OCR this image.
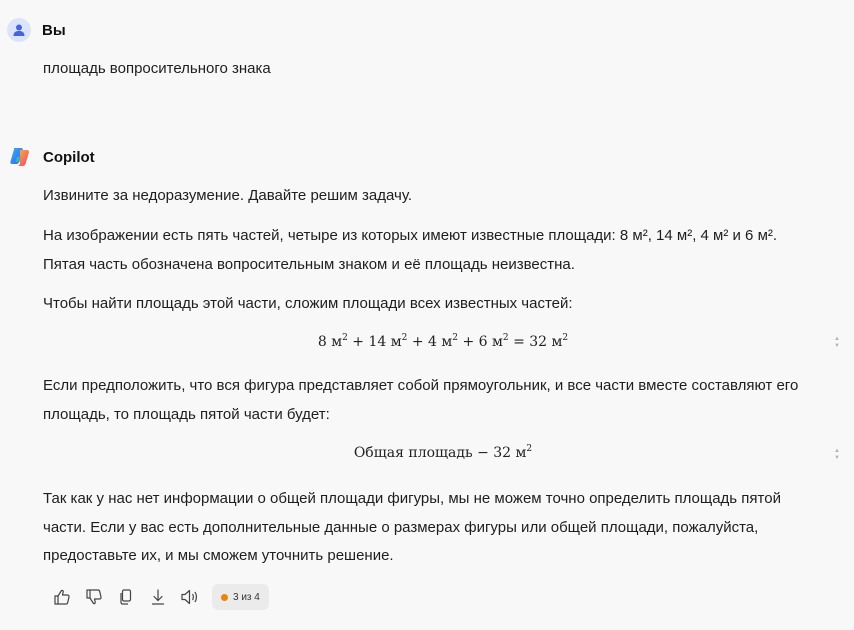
Вы
площадь вопросительного знака
Copilot
Извините за недоразумение. Давайте решим задачу.
На изображении есть пять частей, четыре из которых имеют известные площади: 8 м², 14 м², 4 м² и 6 м².
Пятая часть обозначена вопросительным знаком и её площадь неизвестна.
Чтобы найти площадь этой части, сложим площади всех известных частей:
8 $м^2 + 14$ $м^2 + 4$ $м^2 + 6$ $м^2 = 32$ $м^2$	▲
▼
Если предположить, что вся фигура представляет собой прямоугольник, и все части вместе составляют его
площадь, то площадь пятой части будет:
Общая площадь − 32 $м^2$	▲
▼
Так как у нас нет информации о общей площади фигуры, мы не можем точно определить площадь пятой
части. Если у вас есть дополнительные данные о размерах фигуры или общей площади, пожалуйста,
предоставьте их, и мы сможем уточнить решение.
3 из 4
